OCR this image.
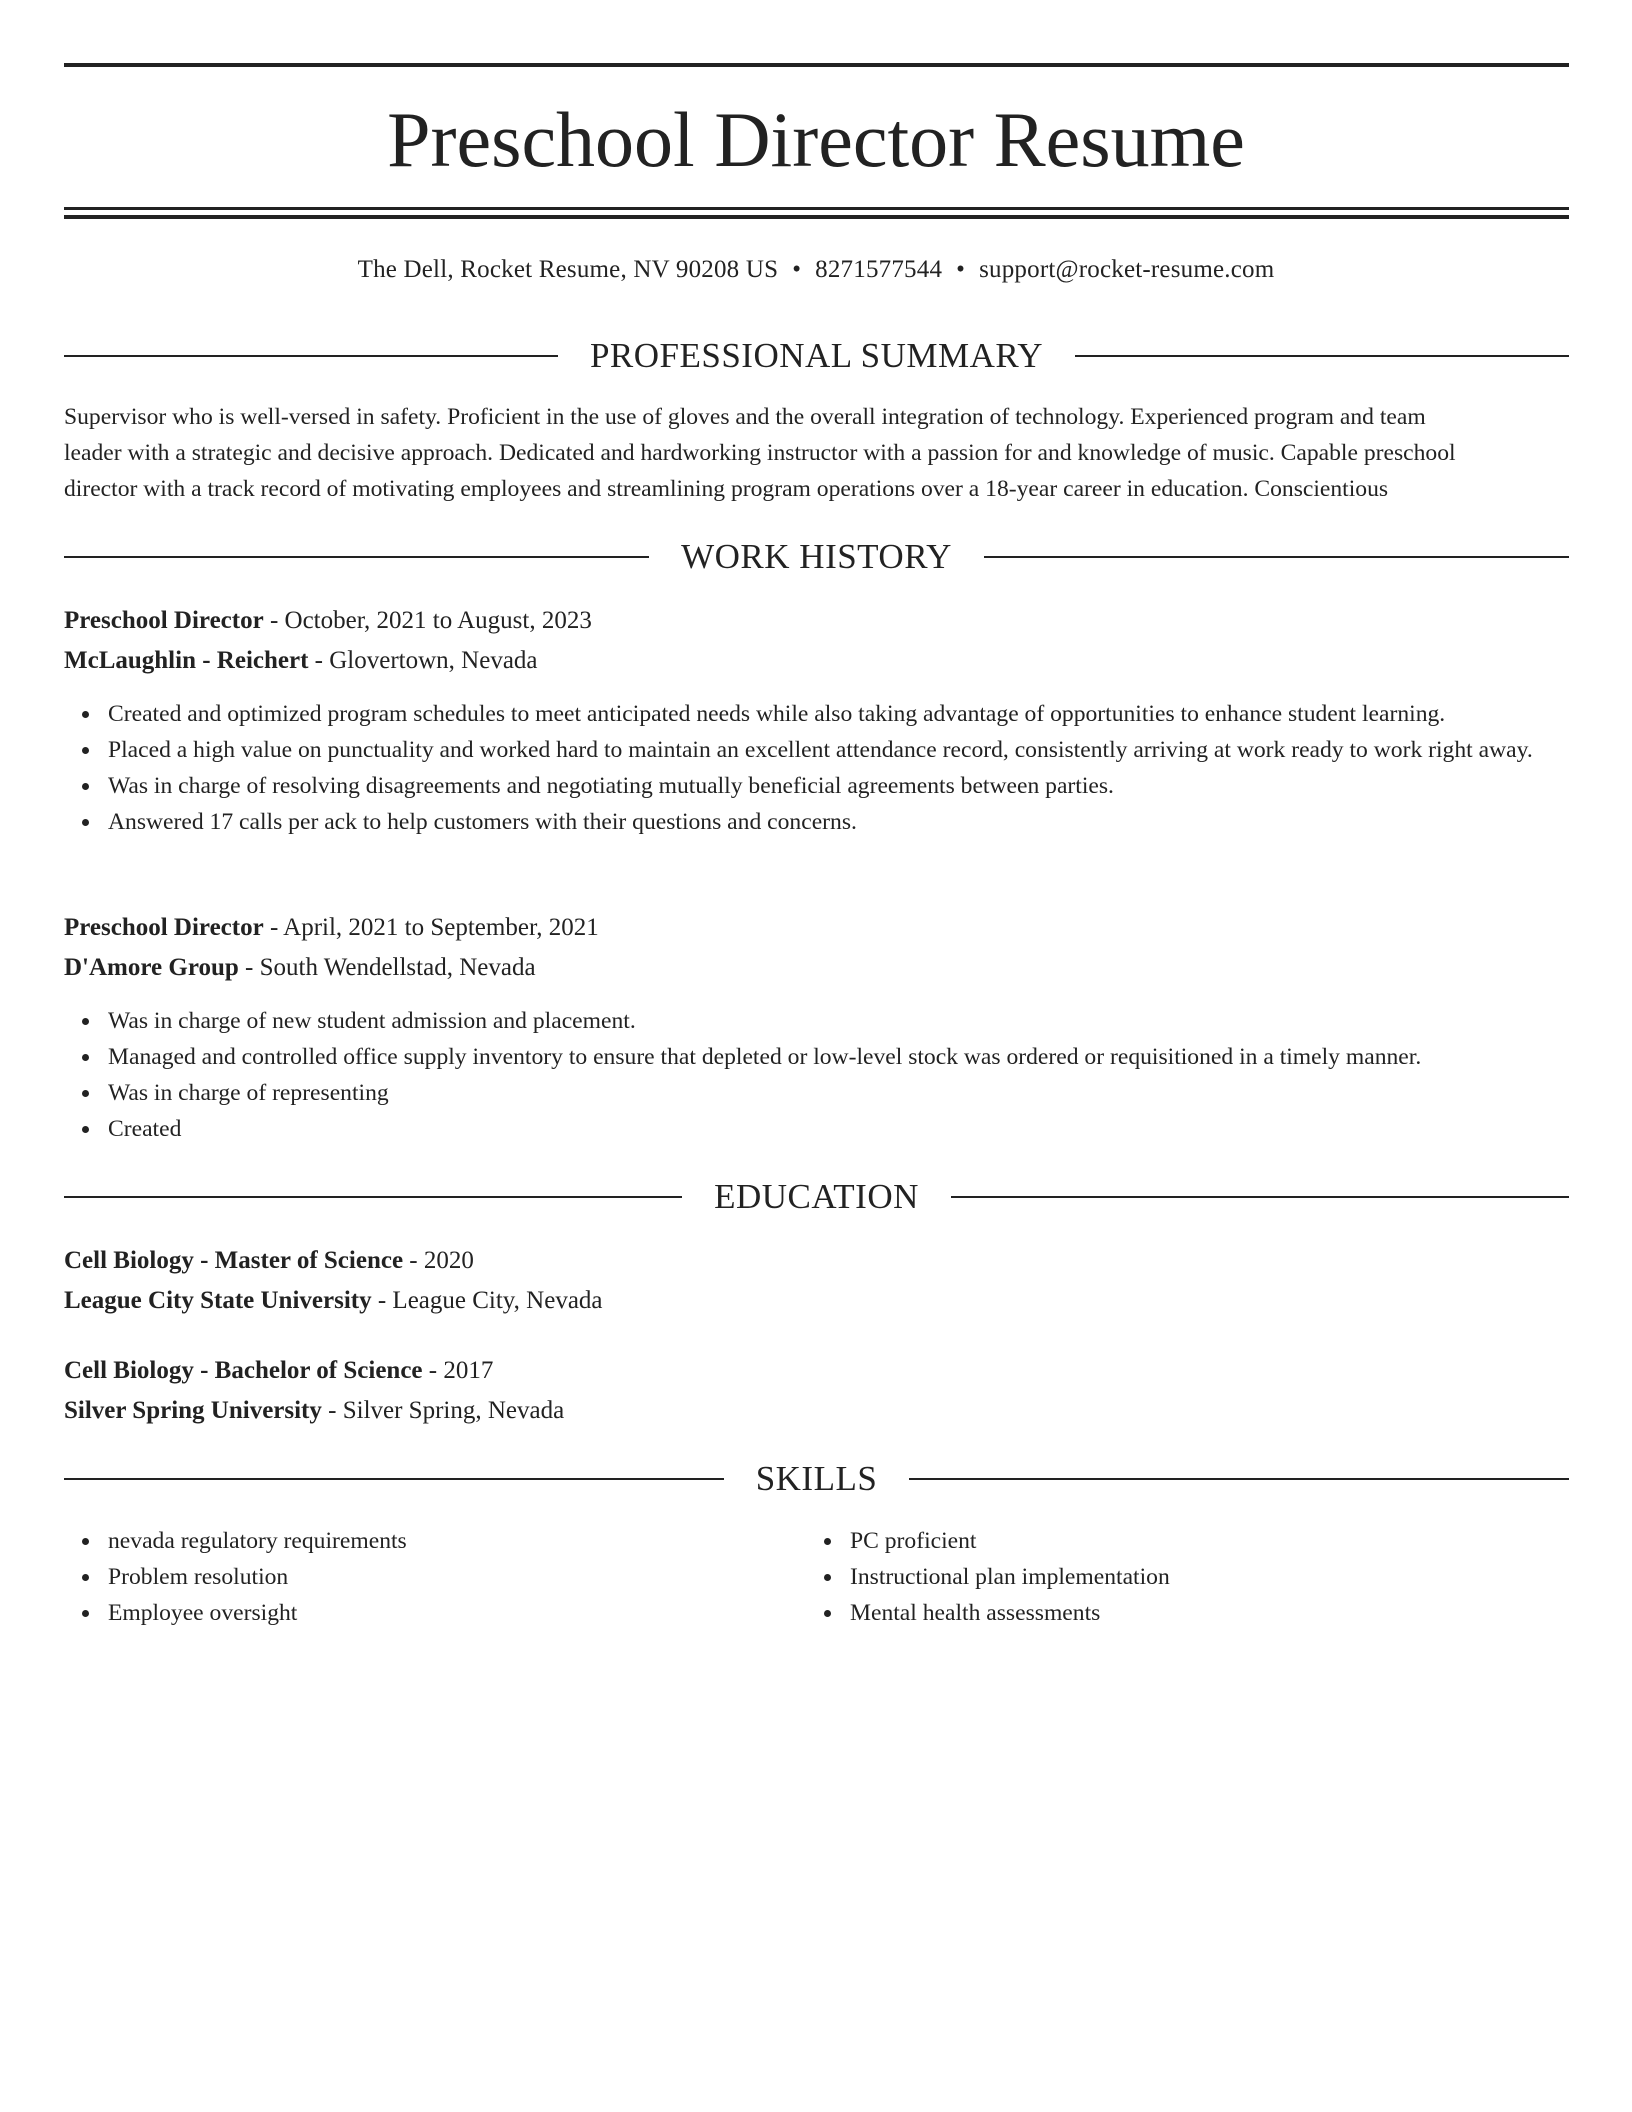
Preschool Director Resume
The Dell, Rocket Resume, NV 90208 US • 8271577544 • support@rocket-resume.com
PROFESSIONAL SUMMARY
Supervisor who is well-versed in safety. Proficient in the use of gloves and the overall integration of technology. Experienced program and team
leader with a strategic and decisive approach. Dedicated and hardworking instructor with a passion for and knowledge of music. Capable preschool
director with a track record of motivating employees and streamlining program operations over a 18-year career in education. Conscientious
WORK HISTORY
Preschool Director - October, 2021 to August, 2023
McLaughlin - Reichert - Glovertown, Nevada
Created and optimized program schedules to meet anticipated needs while also taking advantage of opportunities to enhance student learning.
Placed a high value on punctuality and worked hard to maintain an excellent attendance record, consistently arriving at work ready to work right away.
Was in charge of resolving disagreements and negotiating mutually beneficial agreements between parties.
Answered 17 calls per ack to help customers with their questions and concerns.
Preschool Director - April, 2021 to September, 2021
D'Amore Group - South Wendellstad, Nevada
Was in charge of new student admission and placement.
Managed and controlled office supply inventory to ensure that depleted or low-level stock was ordered or requisitioned in a timely manner.
Was in charge of representing
Created
EDUCATION
Cell Biology - Master of Science - 2020
League City State University - League City, Nevada
Cell Biology - Bachelor of Science - 2017
Silver Spring University - Silver Spring, Nevada
SKILLS
nevada regulatory requirements
Problem resolution
Employee oversight
PC proficient
Instructional plan implementation
Mental health assessments
